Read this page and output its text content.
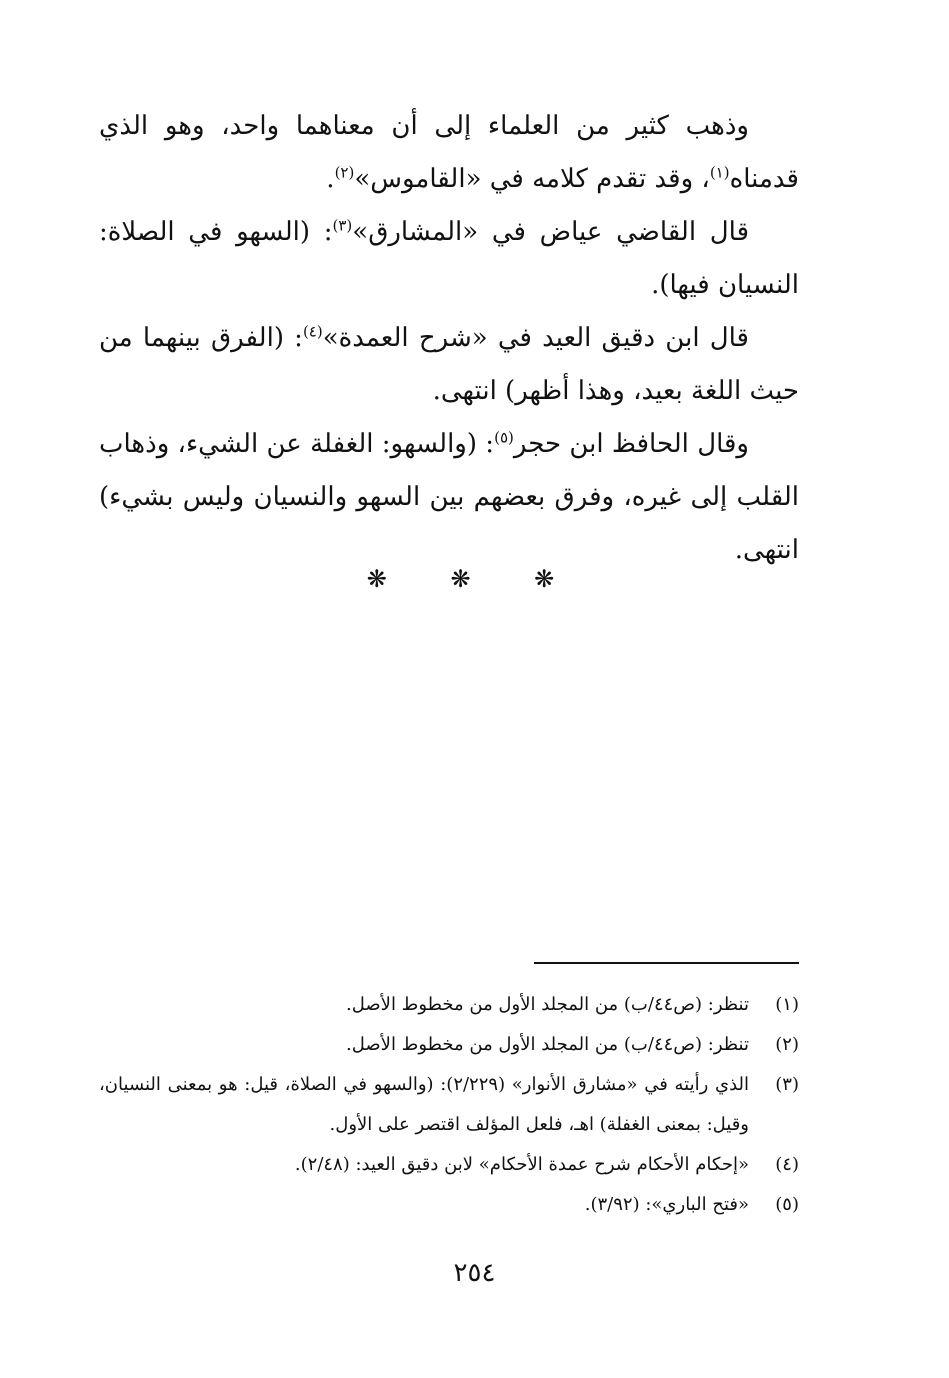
وذهب كثير من العلماء إلى أن معناهما واحد، وهو الذي قدمناه$^{(١)}$، وقد تقدم كلامه في «القاموس»$^{(٢)}$.

قال القاضي عياض في «المشارق»$^{(٣)}$: (السهو في الصلاة: النسيان فيها).

قال ابن دقيق العيد في «شرح العمدة»$^{(٤)}$: (الفرق بينهما من حيث اللغة بعيد، وهذا أظهر) انتهى.

وقال الحافظ ابن حجر$^{(٥)}$: (والسهو: الغفلة عن الشيء، وذهاب القلب إلى غيره، وفرق بعضهم بين السهو والنسيان وليس بشيء) انتهى.

❋ ❋ ❋
(١)
تنظر: (ص٤٤/ب) من المجلد الأول من مخطوط الأصل.
(٢)
تنظر: (ص٤٤/ب) من المجلد الأول من مخطوط الأصل.
(٣)
الذي رأيته في «مشارق الأنوار» (٢/٢٢٩): (والسهو في الصلاة، قيل: هو بمعنى النسيان، وقيل: بمعنى الغفلة) اهـ، فلعل المؤلف اقتصر على الأول.
(٤)
«إحكام الأحكام شرح عمدة الأحكام» لابن دقيق العيد: (٢/٤٨).
(٥)
«فتح الباري»: (٣/٩٢).
٢٥٤
